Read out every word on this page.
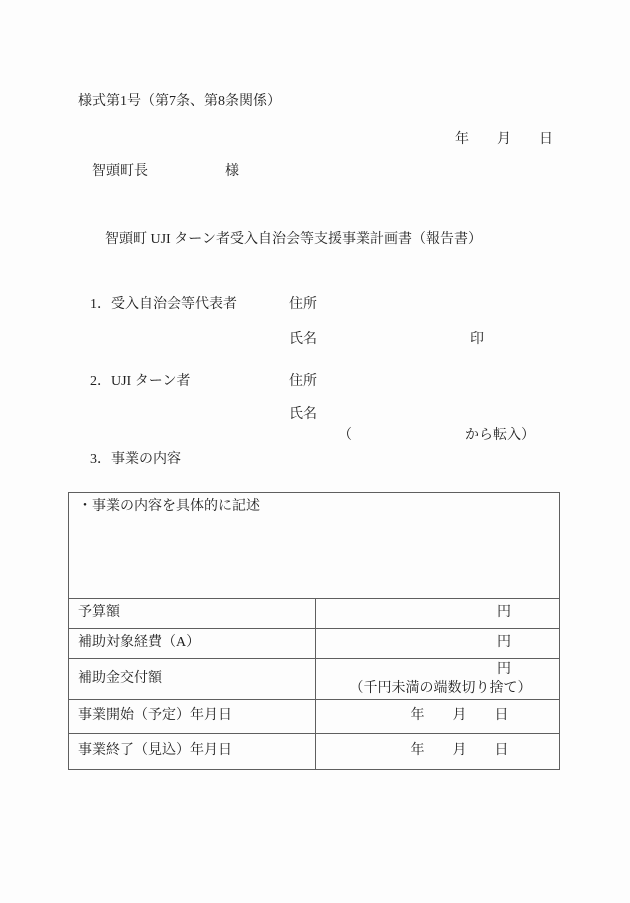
様式第1号（第7条、第8条関係）
年　　月　　日
智頭町長	様
智頭町 UJI ターン者受入自治会等支援事業計画書（報告書）
1．受入自治会等代表者	住所
氏名	印
2．UJI ターン者	住所
氏名
（	から転入）
3．事業の内容
・事業の内容を具体的に記述	
予算額	円
補助対象経費（A）	円
補助金交付額	円
（千円未満の端数切り捨て）

事業開始（予定）年月日	年　　月　　日
事業終了（見込）年月日	年　　月　　日
